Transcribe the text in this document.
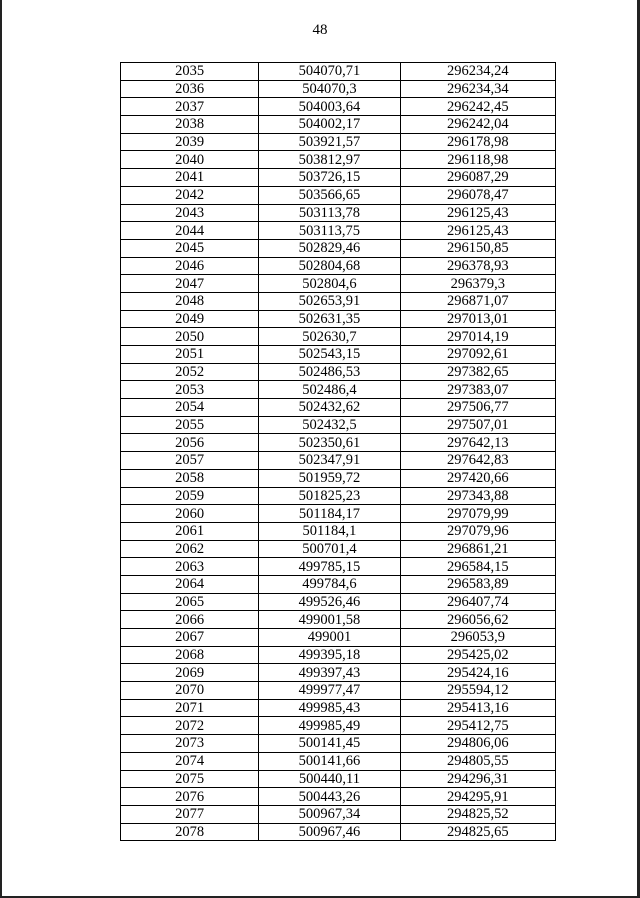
48
2035	504070,71	296234,24
2036	504070,3	296234,34
2037	504003,64	296242,45
2038	504002,17	296242,04
2039	503921,57	296178,98
2040	503812,97	296118,98
2041	503726,15	296087,29
2042	503566,65	296078,47
2043	503113,78	296125,43
2044	503113,75	296125,43
2045	502829,46	296150,85
2046	502804,68	296378,93
2047	502804,6	296379,3
2048	502653,91	296871,07
2049	502631,35	297013,01
2050	502630,7	297014,19
2051	502543,15	297092,61
2052	502486,53	297382,65
2053	502486,4	297383,07
2054	502432,62	297506,77
2055	502432,5	297507,01
2056	502350,61	297642,13
2057	502347,91	297642,83
2058	501959,72	297420,66
2059	501825,23	297343,88
2060	501184,17	297079,99
2061	501184,1	297079,96
2062	500701,4	296861,21
2063	499785,15	296584,15
2064	499784,6	296583,89
2065	499526,46	296407,74
2066	499001,58	296056,62
2067	499001	296053,9
2068	499395,18	295425,02
2069	499397,43	295424,16
2070	499977,47	295594,12
2071	499985,43	295413,16
2072	499985,49	295412,75
2073	500141,45	294806,06
2074	500141,66	294805,55
2075	500440,11	294296,31
2076	500443,26	294295,91
2077	500967,34	294825,52
2078	500967,46	294825,65
